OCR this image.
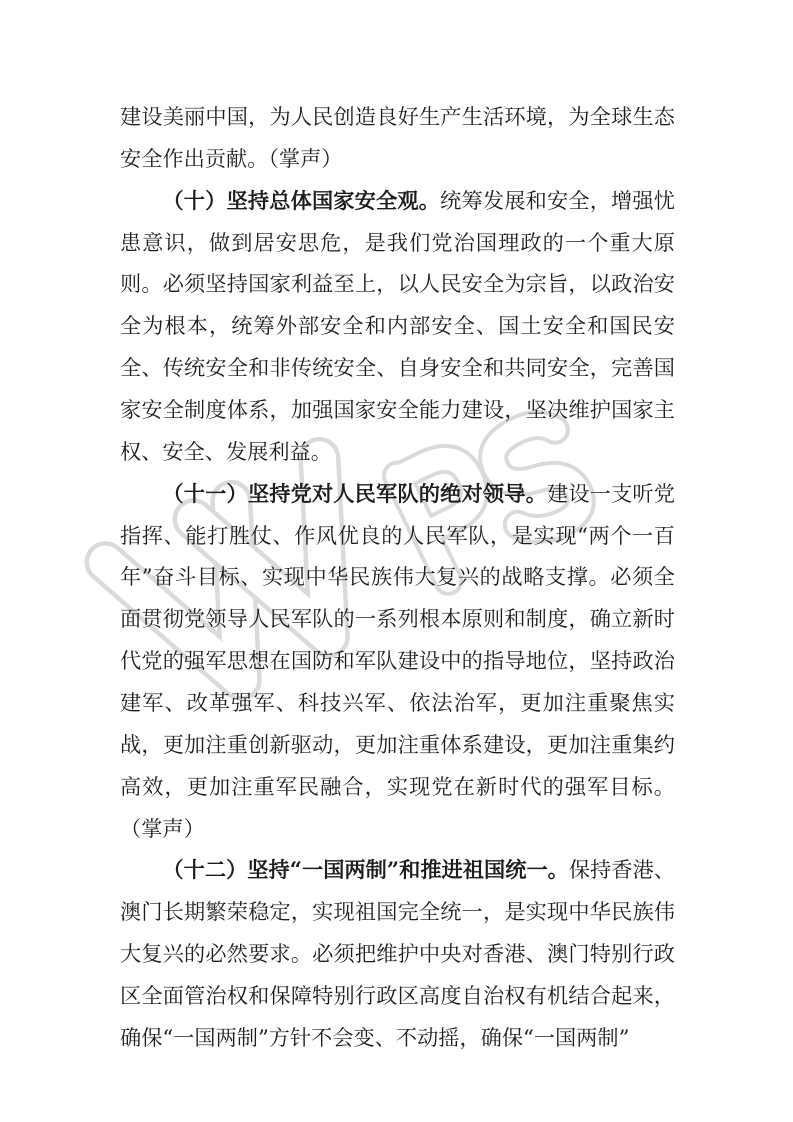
建设美丽中国，为人民创造良好生产生活环境，为全球生态安全作出贡献。（掌声）

（十）坚持总体国家安全观。统筹发展和安全，增强忧患意识，做到居安思危，是我们党治国理政的一个重大原则。必须坚持国家利益至上，以人民安全为宗旨，以政治安全为根本，统筹外部安全和内部安全、国土安全和国民安全、传统安全和非传统安全、自身安全和共同安全，完善国家安全制度体系，加强国家安全能力建设，坚决维护国家主权、安全、发展利益。

（十一）坚持党对人民军队的绝对领导。建设一支听党指挥、能打胜仗、作风优良的人民军队，是实现“两个一百年”奋斗目标、实现中华民族伟大复兴的战略支撑。必须全面贯彻党领导人民军队的一系列根本原则和制度，确立新时代党的强军思想在国防和军队建设中的指导地位，坚持政治建军、改革强军、科技兴军、依法治军，更加注重聚焦实战，更加注重创新驱动，更加注重体系建设，更加注重集约高效，更加注重军民融合，实现党在新时代的强军目标。（掌声）

（十二）坚持“一国两制”和推进祖国统一。保持香港、澳门长期繁荣稳定，实现祖国完全统一，是实现中华民族伟大复兴的必然要求。必须把维护中央对香港、澳门特别行政区全面管治权和保障特别行政区高度自治权有机结合起来，确保“一国两制”方针不会变、不动摇，确保“一国两制”
